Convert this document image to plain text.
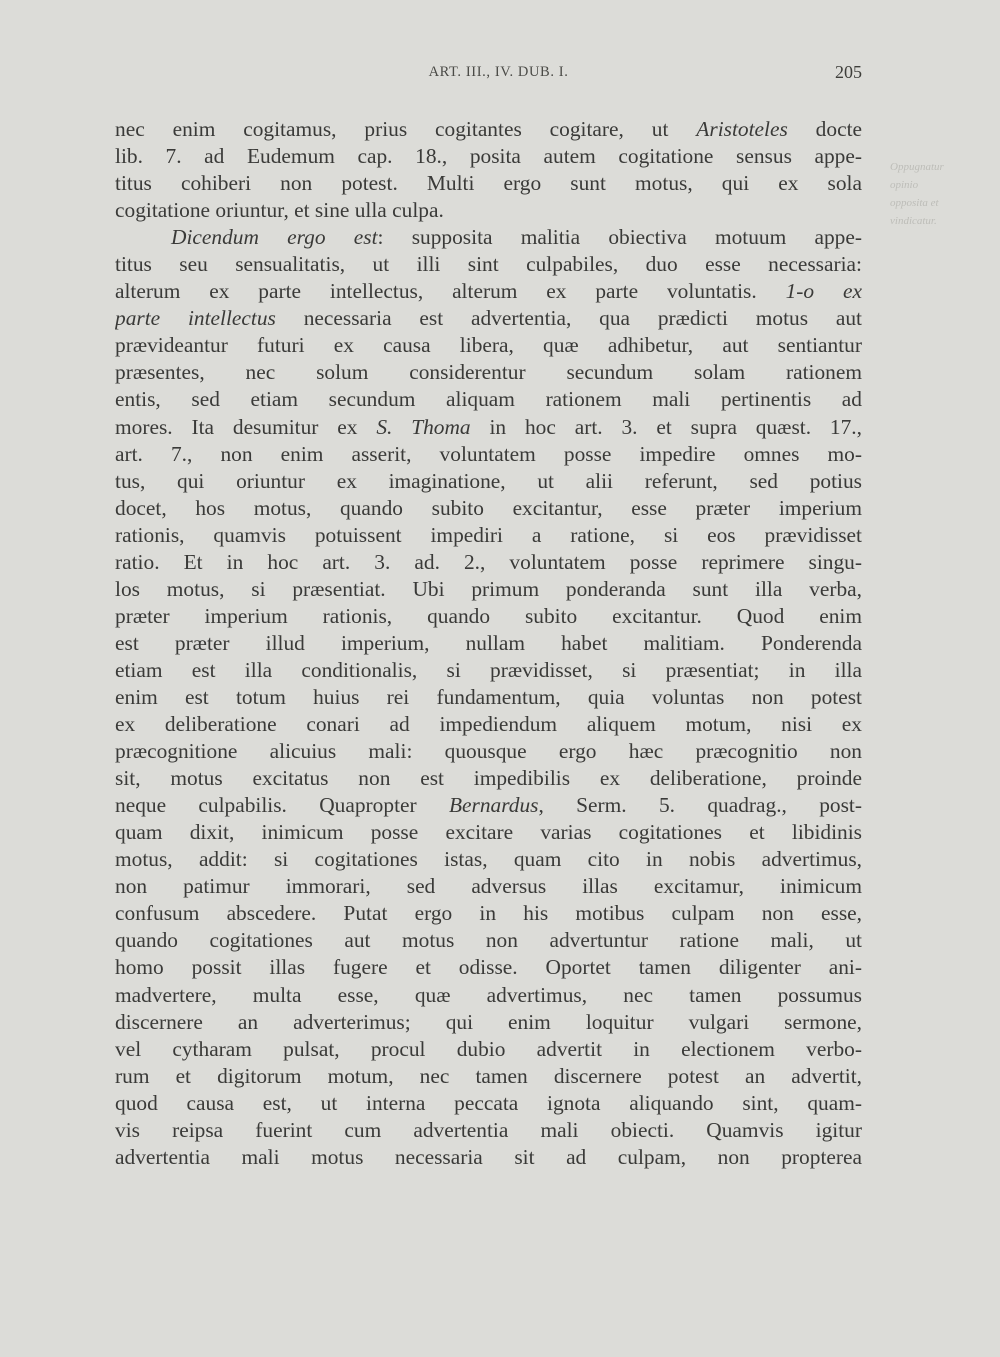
ART. III., IV. DUB. I.	205
Oppugnatur
opinio
opposita et
vindicatur.
nec enim cogitamus, prius cogitantes cogitare, ut Aristoteles docte
lib. 7. ad Eudemum cap. 18., posita autem cogitatione sensus appe-
titus cohiberi non potest. Multi ergo sunt motus, qui ex sola
cogitatione oriuntur, et sine ulla culpa.
Dicendum ergo est: supposita malitia obiectiva motuum appe-
titus seu sensualitatis, ut illi sint culpabiles, duo esse necessaria:
alterum ex parte intellectus, alterum ex parte voluntatis. 1-o ex
parte intellectus necessaria est advertentia, qua prædicti motus aut
prævideantur futuri ex causa libera, quæ adhibetur, aut sentiantur
præsentes, nec solum considerentur secundum solam rationem
entis, sed etiam secundum aliquam rationem mali pertinentis ad
mores. Ita desumitur ex S. Thoma in hoc art. 3. et supra quæst. 17.,
art. 7., non enim asserit, voluntatem posse impedire omnes mo-
tus, qui oriuntur ex imaginatione, ut alii referunt, sed potius
docet, hos motus, quando subito excitantur, esse præter imperium
rationis, quamvis potuissent impediri a ratione, si eos prævidisset
ratio. Et in hoc art. 3. ad. 2., voluntatem posse reprimere singu-
los motus, si præsentiat. Ubi primum ponderanda sunt illa verba,
præter imperium rationis, quando subito excitantur. Quod enim
est præter illud imperium, nullam habet malitiam. Ponderenda
etiam est illa conditionalis, si prævidisset, si præsentiat; in illa
enim est totum huius rei fundamentum, quia voluntas non potest
ex deliberatione conari ad impediendum aliquem motum, nisi ex
præcognitione alicuius mali: quousque ergo hæc præcognitio non
sit, motus excitatus non est impedibilis ex deliberatione, proinde
neque culpabilis. Quapropter Bernardus, Serm. 5. quadrag., post-
quam dixit, inimicum posse excitare varias cogitationes et libidinis
motus, addit: si cogitationes istas, quam cito in nobis advertimus,
non patimur immorari, sed adversus illas excitamur, inimicum
confusum abscedere. Putat ergo in his motibus culpam non esse,
quando cogitationes aut motus non advertuntur ratione mali, ut
homo possit illas fugere et odisse. Oportet tamen diligenter ani-
madvertere, multa esse, quæ advertimus, nec tamen possumus
discernere an adverterimus; qui enim loquitur vulgari sermone,
vel cytharam pulsat, procul dubio advertit in electionem verbo-
rum et digitorum motum, nec tamen discernere potest an advertit,
quod causa est, ut interna peccata ignota aliquando sint, quam-
vis reipsa fuerint cum advertentia mali obiecti. Quamvis igitur
advertentia mali motus necessaria sit ad culpam, non propterea
